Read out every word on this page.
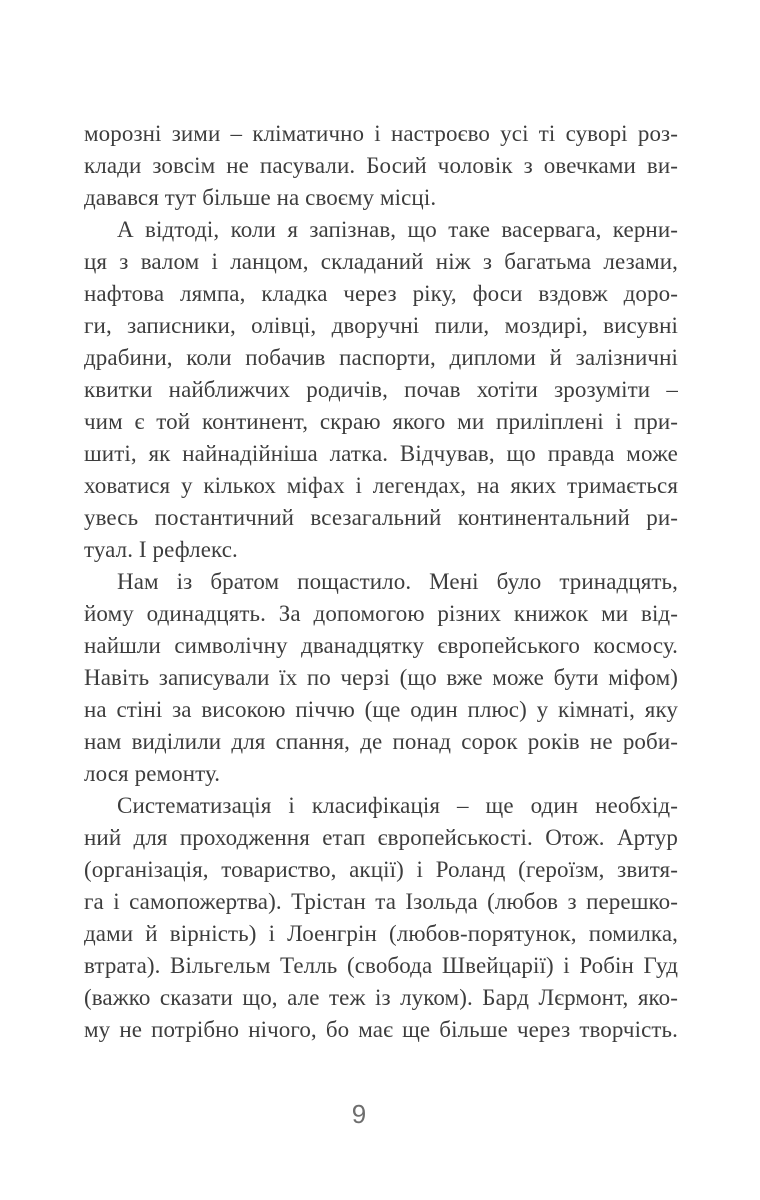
морозні зими – кліматично і настроєво усі ті суворі роз-
клади зовсім не пасували. Босий чоловік з овечками ви-
давався тут більше на своєму місці.
А відтоді, коли я запізнав, що таке васервага, керни-
ця з валом і ланцом, складаний ніж з багатьма лезами,
нафтова лямпа, кладка через ріку, фоси вздовж доро-
ги, записники, олівці, дворучні пили, моздирі, висувні
драбини, коли побачив паспорти, дипломи й залізничні
квитки найближчих родичів, почав хотіти зрозуміти –
чим є той континент, скраю якого ми приліплені і при-
шиті, як найнадійніша латка. Відчував, що правда може
ховатися у кількох міфах і легендах, на яких тримається
увесь постантичний всезагальний континентальний ри-
туал. І рефлекс.
Нам із братом пощастило. Мені було тринадцять,
йому одинадцять. За допомогою різних книжок ми від-
найшли символічну дванадцятку європейського космосу.
Навіть записували їх по черзі (що вже може бути міфом)
на стіні за високою піччю (ще один плюс) у кімнаті, яку
нам виділили для спання, де понад сорок років не роби-
лося ремонту.
Систематизація і класифікація – ще один необхід-
ний для проходження етап європейськості. Отож. Артур
(організація, товариство, акції) і Роланд (героїзм, звитя-
га і самопожертва). Трістан та Ізольда (любов з перешко-
дами й вірність) і Лоенгрін (любов-порятунок, помилка,
втрата). Вільгельм Телль (свобода Швейцарії) і Робін Гуд
(важко сказати що, але теж із луком). Бард Лєрмонт, яко-
му не потрібно нічого, бо має ще більше через творчість.
9
